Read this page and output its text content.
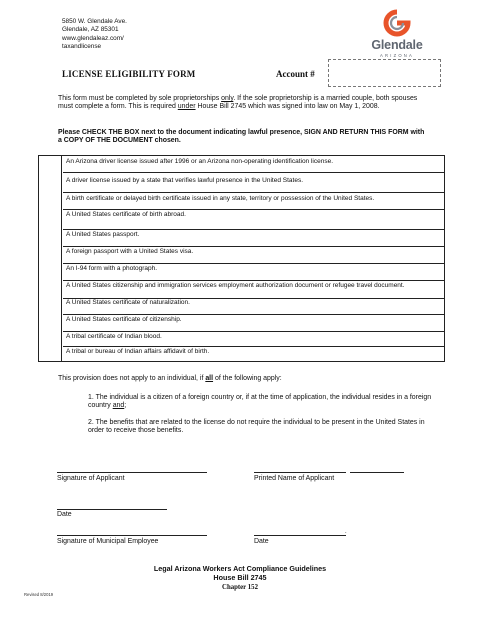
5850 W. Glendale Ave.
Glendale, AZ 85301
www.glendaleaz.com/
taxandlicense	Glendale
ARIZONA
LICENSE ELIGIBILITY FORM	Account #
This form must be completed by sole proprietorships only. If the sole proprietorship is a married couple, both spouses must complete a form. This is required under House Bill 2745 which was signed into law on May 1, 2008.
Please CHECK THE BOX next to the document indicating lawful presence, SIGN AND RETURN THIS FORM with a COPY OF THE DOCUMENT chosen.
An Arizona driver license issued after 1996 or an Arizona non-operating identification license.
A driver license issued by a state that verifies lawful presence in the United States.
A birth certificate or delayed birth certificate issued in any state, territory or possession of the United States.
A United States certificate of birth abroad.
A United States passport.
A foreign passport with a United States visa.
An I-94 form with a photograph.
A United States citizenship and immigration services employment authorization document or refugee travel document.
A United States certificate of naturalization.
A United States certificate of citizenship.
A tribal certificate of Indian blood.
A tribal or bureau of Indian affairs affidavit of birth.
This provision does not apply to an individual, if all of the following apply:
1. The individual is a citizen of a foreign country or, if at the time of application, the individual resides in a foreign country and;
2. The benefits that are related to the license do not require the individual to be present in the United States in order to receive those benefits.
Signature of Applicant	Printed Name of Applicant
Date
Signature of Municipal Employee
.
Date
Legal Arizona Workers Act Compliance Guidelines
House Bill 2745
Chapter 152
Revised 8/2019
